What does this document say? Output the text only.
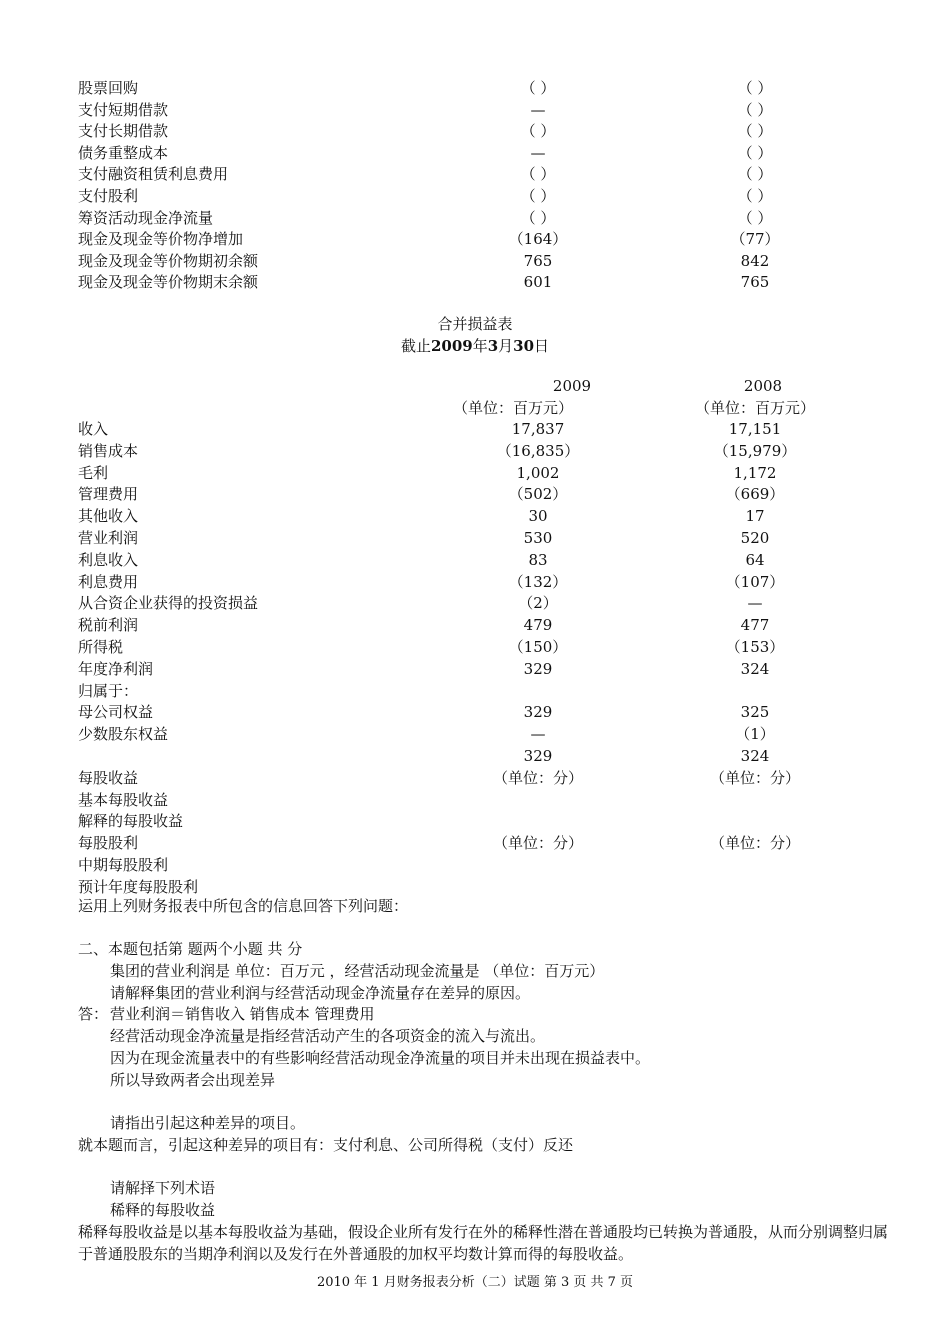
股票回购	（ ）	（ ）
支付短期借款	—	（ ）
支付长期借款	（ ）	（ ）
债务重整成本	—	（ ）
支付融资租赁利息费用	（ ）	（ ）
支付股利	（ ）	（ ）
筹资活动现金净流量	（ ）	（ ）
现金及现金等价物净增加	（164）	（77）
现金及现金等价物期初余额	765	842
现金及现金等价物期末余额	601	765
收入	17,837	17,151
销售成本	（16,835）	（15,979）
毛利	1,002	1,172
管理费用	（502）	（669）
其他收入	30	17
营业利润	530	520
利息收入	83	64
利息费用	（132）	（107）
从合资企业获得的投资损益	（2）	—
税前利润	479	477
所得税	（150）	（153）
年度净利润	329	324
归属于：
母公司权益	329	325
少数股东权益	—	（1）
329	324
每股收益	（单位：分）	（单位：分）
基本每股收益
解释的每股收益
每股股利	（单位：分）	（单位：分）
中期每股股利
预计年度每股股利
合并损益表
截止2009年3月30日
2009	2008
（单位：百万元）	（单位：百万元）
运用上列财务报表中所包含的信息回答下列问题：
二、本题包括第 题两个小题 共 分
集团的营业利润是 单位：百万元 ，经营活动现金流量是 （单位：百万元）
请解释集团的营业利润与经营活动现金净流量存在差异的原因。
答： 营业利润＝销售收入 销售成本 管理费用
经营活动现金净流量是指经营活动产生的各项资金的流入与流出。
因为在现金流量表中的有些影响经营活动现金净流量的项目并未出现在损益表中。
所以导致两者会出现差异
请指出引起这种差异的项目。
就本题而言，引起这种差异的项目有：支付利息、公司所得税（支付）反还
请解择下列术语
稀释的每股收益
稀释每股收益是以基本每股收益为基础，假设企业所有发行在外的稀释性潜在普通股均已转换为普通股，从而分别调整归属于普通股股东的当期净利润以及发行在外普通股的加权平均数计算而得的每股收益。
2010 年 1 月财务报表分析（二）试题 第 3 页 共 7 页
